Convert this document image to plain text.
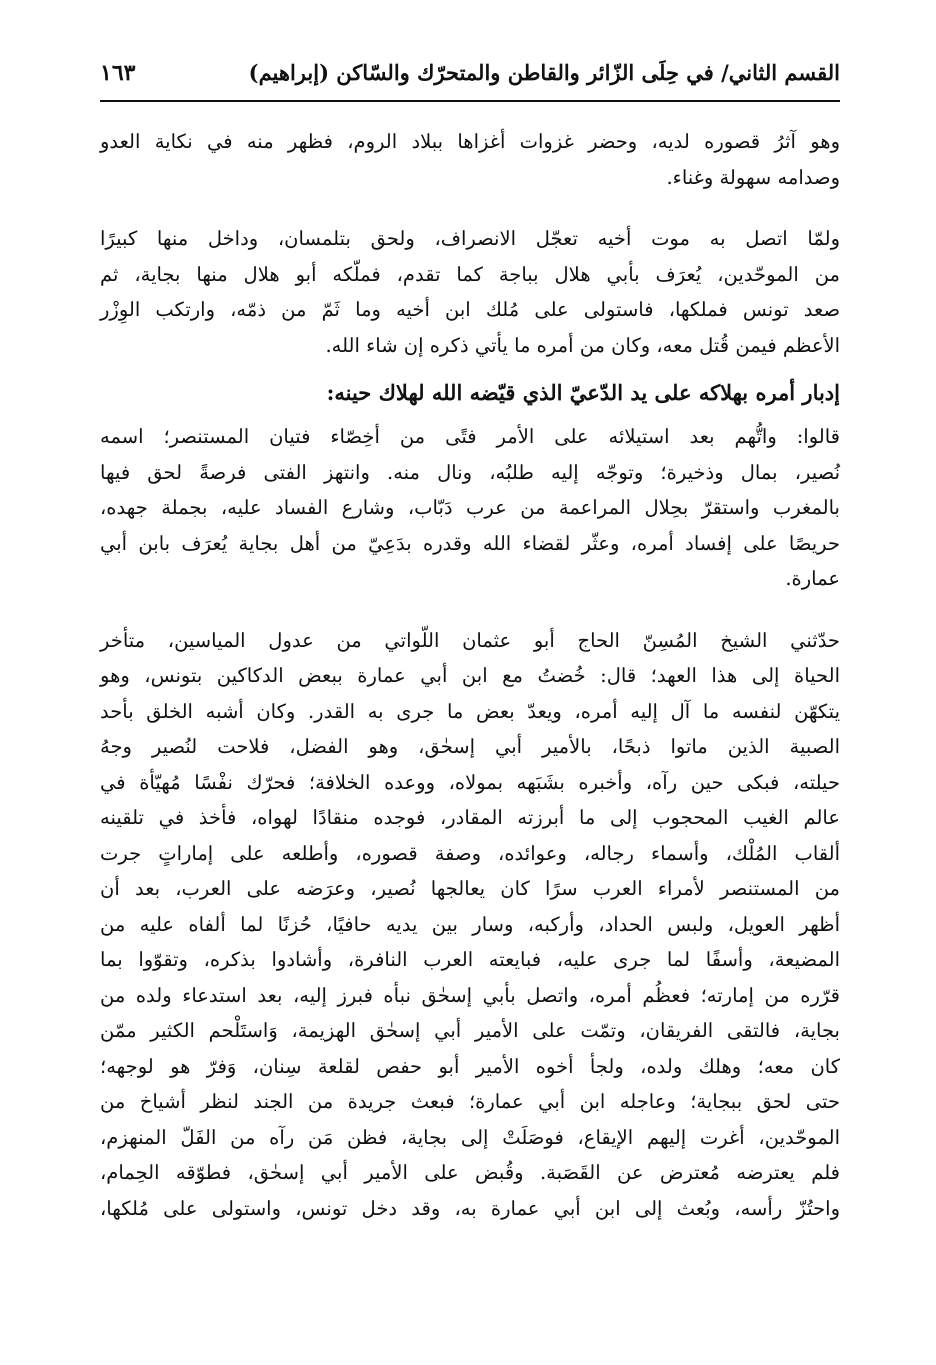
القسم الثاني/ في حِلَى الزّائر والقاطن والمتحرّك والسّاكن (إبراهيم)
١٦٣

وهو آثرُ قصوره لديه، وحضر غزوات أغزاها ببلاد الروم، فظهر منه في نكاية العدو
وصدامه سهولة وغناء.

ولمّا اتصل به موت أخيه تعجّل الانصراف، ولحق بتلمسان، وداخل منها كبيرًا
من الموحّدين، يُعرَف بأبي هلال بباجة كما تقدم، فملّكه أبو هلال منها بجاية، ثم
صعد تونس فملكها، فاستولى على مُلك ابن أخيه وما ثَمّ من ذمّه، وارتكب الوِزْر
الأعظم فيمن قُتل معه، وكان من أمره ما يأتي ذكره إن شاء الله.

إدبار أمره بهلاكه على يد الدّعيّ الذي قيّضه الله لهلاك حينه:

قالوا: واتُّهم بعد استيلائه على الأمر فتًى من أخِصّاء فتيان المستنصر؛ اسمه
نُصير، بمال وذخيرة؛ وتوجّه إليه طلبُه، ونال منه. وانتهز الفتى فرصةً لحق فيها
بالمغرب واستقرّ بحِلال المراعمة من عرب دَبّاب، وشارع الفساد عليه، بجملة جهده،
حريصًا على إفساد أمره، وعثّر لقضاء الله وقدره بدَعِيّ من أهل بجاية يُعرَف بابن أبي
عمارة.

حدّثني الشيخ المُسِنّ الحاج أبو عثمان اللّواتي من عدول المياسين، متأخر
الحياة إلى هذا العهد؛ قال: خُضتُ مع ابن أبي عمارة ببعض الدكاكين بتونس، وهو
يتكهّن لنفسه ما آل إليه أمره، ويعدّ بعض ما جرى به القدر. وكان أشبه الخلق بأحد
الصبية الذين ماتوا ذبحًا، بالأمير أبي إسحٰق، وهو الفضل، فلاحت لنُصير وجهُ
حيلته، فبكى حين رآه، وأخبره بشَبَهه بمولاه، ووعده الخلافة؛ فحرّك نفْسًا مُهيّأة في
عالم الغيب المحجوب إلى ما أبرزته المقادر، فوجده منقادًا لهواه، فأخذ في تلقينه
ألقاب المُلْك، وأسماء رجاله، وعوائده، وصفة قصوره، وأطلعه على إماراتٍ جرت
من المستنصر لأمراء العرب سرًا كان يعالجها نُصير، وعرَضه على العرب، بعد أن
أظهر العويل، ولبس الحداد، وأركبه، وسار بين يديه حافيًا، حُزنًا لما ألفاه عليه من
المضيعة، وأسفًا لما جرى عليه، فبايعته العرب النافرة، وأشادوا بذكره، وتقوّوا بما
قرّره من إمارته؛ فعظُم أمره، واتصل بأبي إسحٰق نبأه فبرز إليه، بعد استدعاء ولده من
بجاية، فالتقى الفريقان، وتمّت على الأمير أبي إسحٰق الهزيمة، وَاستَلْحم الكثير ممّن
كان معه؛ وهلك ولده، ولجأ أخوه الأمير أبو حفص لقلعة سِنان، وَفرّ هو لوجهه؛
حتى لحق ببجاية؛ وعاجله ابن أبي عمارة؛ فبعث جريدة من الجند لنظر أشياخ من
الموحّدين، أغرت إليهم الإيقاع، فوصَلَتْ إلى بجاية، فظن مَن رآه من الفَلّ المنهزم،
فلم يعترضه مُعترض عن القَصَبة. وقُبض على الأمير أبي إسحٰق، فطوّقه الحِمام،
واحتُزّ رأسه، وبُعث إلى ابن أبي عمارة به، وقد دخل تونس، واستولى على مُلكها،
